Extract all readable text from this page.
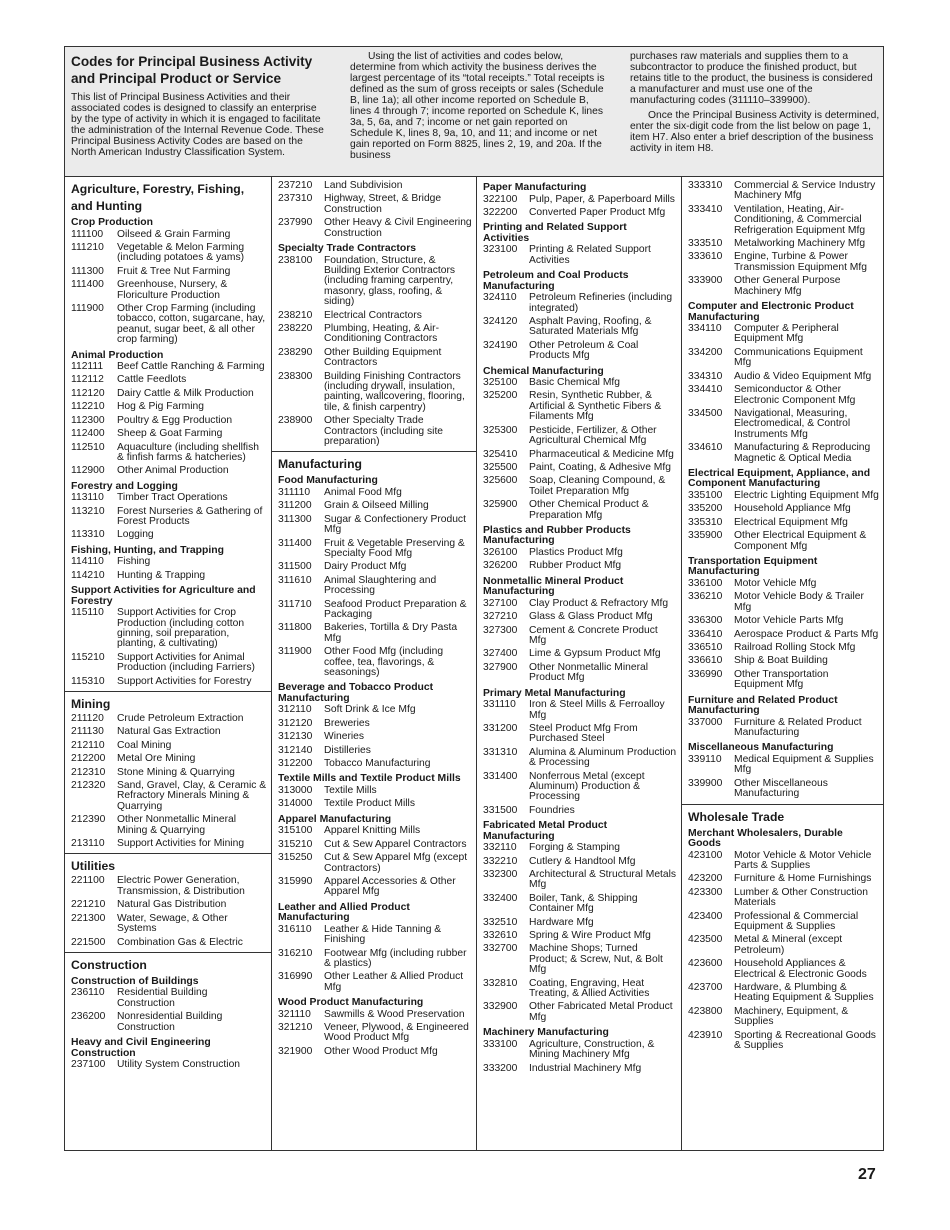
Codes for Principal Business Activity and Principal Product or Service

This list of Principal Business Activities and their associated codes is designed to classify an enterprise by the type of activity in which it is engaged to facilitate the administration of the Internal Revenue Code. These Principal Business Activity Codes are based on the North American Industry Classification System.

Using the list of activities and codes below, determine from which activity the business derives the largest percentage of its “total receipts.” Total receipts is defined as the sum of gross receipts or sales (Schedule B, line 1a); all other income reported on Schedule B, lines 4 through 7; income reported on Schedule K, lines 3a, 5, 6a, and 7; income or net gain reported on Schedule K, lines 8, 9a, 10, and 11; and income or net gain reported on Form 8825, lines 2, 19, and 20a. If the business

purchases raw materials and supplies them to a subcontractor to produce the finished product, but retains title to the product, the business is considered a manufacturer and must use one of the manufacturing codes (311110–339900).

Once the Principal Business Activity is determined, enter the six-digit code from the list below on page 1, item H7. Also enter a brief description of the business activity in item H8.

Agriculture, Forestry, Fishing, and Hunting
Crop Production
111100	Oilseed & Grain Farming
111210	Vegetable & Melon Farming (including potatoes & yams)
111300	Fruit & Tree Nut Farming
111400	Greenhouse, Nursery, & Floriculture Production
111900	Other Crop Farming (including tobacco, cotton, sugarcane, hay, peanut, sugar beet, & all other crop farming)
Animal Production
112111	Beef Cattle Ranching & Farming
112112	Cattle Feedlots
112120	Dairy Cattle & Milk Production
112210	Hog & Pig Farming
112300	Poultry & Egg Production
112400	Sheep & Goat Farming
112510	Aquaculture (including shellfish & finfish farms & hatcheries)
112900	Other Animal Production
Forestry and Logging
113110	Timber Tract Operations
113210	Forest Nurseries & Gathering of Forest Products
113310	Logging
Fishing, Hunting, and Trapping
114110	Fishing
114210	Hunting & Trapping
Support Activities for Agriculture and Forestry
115110	Support Activities for Crop Production (including cotton ginning, soil preparation, planting, & cultivating)
115210	Support Activities for Animal Production (including Farriers)
115310	Support Activities for Forestry
Mining
211120	Crude Petroleum Extraction
211130	Natural Gas Extraction
212110	Coal Mining
212200	Metal Ore Mining
212310	Stone Mining & Quarrying
212320	Sand, Gravel, Clay, & Ceramic & Refractory Minerals Mining & Quarrying
212390	Other Nonmetallic Mineral Mining & Quarrying
213110	Support Activities for Mining
Utilities
221100	Electric Power Generation, Transmission, & Distribution
221210	Natural Gas Distribution
221300	Water, Sewage, & Other Systems
221500	Combination Gas & Electric
Construction
Construction of Buildings
236110	Residential Building Construction
236200	Nonresidential Building Construction
Heavy and Civil Engineering Construction
237100	Utility System Construction
237210	Land Subdivision
237310	Highway, Street, & Bridge Construction
237990	Other Heavy & Civil Engineering Construction
Specialty Trade Contractors
238100	Foundation, Structure, & Building Exterior Contractors (including framing carpentry, masonry, glass, roofing, & siding)
238210	Electrical Contractors
238220	Plumbing, Heating, & Air-Conditioning Contractors
238290	Other Building Equipment Contractors
238300	Building Finishing Contractors (including drywall, insulation, painting, wallcovering, flooring, tile, & finish carpentry)
238900	Other Specialty Trade Contractors (including site preparation)
Manufacturing
Food Manufacturing
311110	Animal Food Mfg
311200	Grain & Oilseed Milling
311300	Sugar & Confectionery Product Mfg
311400	Fruit & Vegetable Preserving & Specialty Food Mfg
311500	Dairy Product Mfg
311610	Animal Slaughtering and Processing
311710	Seafood Product Preparation & Packaging
311800	Bakeries, Tortilla & Dry Pasta Mfg
311900	Other Food Mfg (including coffee, tea, flavorings, & seasonings)
Beverage and Tobacco Product Manufacturing
312110	Soft Drink & Ice Mfg
312120	Breweries
312130	Wineries
312140	Distilleries
312200	Tobacco Manufacturing
Textile Mills and Textile Product Mills
313000	Textile Mills
314000	Textile Product Mills
Apparel Manufacturing
315100	Apparel Knitting Mills
315210	Cut & Sew Apparel Contractors
315250	Cut & Sew Apparel Mfg (except Contractors)
315990	Apparel Accessories & Other Apparel Mfg
Leather and Allied Product Manufacturing
316110	Leather & Hide Tanning & Finishing
316210	Footwear Mfg (including rubber & plastics)
316990	Other Leather & Allied Product Mfg
Wood Product Manufacturing
321110	Sawmills & Wood Preservation
321210	Veneer, Plywood, & Engineered Wood Product Mfg
321900	Other Wood Product Mfg
Paper Manufacturing
322100	Pulp, Paper, & Paperboard Mills
322200	Converted Paper Product Mfg
Printing and Related Support Activities
323100	Printing & Related Support Activities
Petroleum and Coal Products Manufacturing
324110	Petroleum Refineries (including integrated)
324120	Asphalt Paving, Roofing, & Saturated Materials Mfg
324190	Other Petroleum & Coal Products Mfg
Chemical Manufacturing
325100	Basic Chemical Mfg
325200	Resin, Synthetic Rubber, & Artificial & Synthetic Fibers & Filaments Mfg
325300	Pesticide, Fertilizer, & Other Agricultural Chemical Mfg
325410	Pharmaceutical & Medicine Mfg
325500	Paint, Coating, & Adhesive Mfg
325600	Soap, Cleaning Compound, & Toilet Preparation Mfg
325900	Other Chemical Product & Preparation Mfg
Plastics and Rubber Products Manufacturing
326100	Plastics Product Mfg
326200	Rubber Product Mfg
Nonmetallic Mineral Product Manufacturing
327100	Clay Product & Refractory Mfg
327210	Glass & Glass Product Mfg
327300	Cement & Concrete Product Mfg
327400	Lime & Gypsum Product Mfg
327900	Other Nonmetallic Mineral Product Mfg
Primary Metal Manufacturing
331110	Iron & Steel Mills & Ferroalloy Mfg
331200	Steel Product Mfg From Purchased Steel
331310	Alumina & Aluminum Production & Processing
331400	Nonferrous Metal (except Aluminum) Production & Processing
331500	Foundries
Fabricated Metal Product Manufacturing
332110	Forging & Stamping
332210	Cutlery & Handtool Mfg
332300	Architectural & Structural Metals Mfg
332400	Boiler, Tank, & Shipping Container Mfg
332510	Hardware Mfg
332610	Spring & Wire Product Mfg
332700	Machine Shops; Turned Product; & Screw, Nut, & Bolt Mfg
332810	Coating, Engraving, Heat Treating, & Allied Activities
332900	Other Fabricated Metal Product Mfg
Machinery Manufacturing
333100	Agriculture, Construction, & Mining Machinery Mfg
333200	Industrial Machinery Mfg
333310	Commercial & Service Industry Machinery Mfg
333410	Ventilation, Heating, Air-Conditioning, & Commercial Refrigeration Equipment Mfg
333510	Metalworking Machinery Mfg
333610	Engine, Turbine & Power Transmission Equipment Mfg
333900	Other General Purpose Machinery Mfg
Computer and Electronic Product Manufacturing
334110	Computer & Peripheral Equipment Mfg
334200	Communications Equipment Mfg
334310	Audio & Video Equipment Mfg
334410	Semiconductor & Other Electronic Component Mfg
334500	Navigational, Measuring, Electromedical, & Control Instruments Mfg
334610	Manufacturing & Reproducing Magnetic & Optical Media
Electrical Equipment, Appliance, and Component Manufacturing
335100	Electric Lighting Equipment Mfg
335200	Household Appliance Mfg
335310	Electrical Equipment Mfg
335900	Other Electrical Equipment & Component Mfg
Transportation Equipment Manufacturing
336100	Motor Vehicle Mfg
336210	Motor Vehicle Body & Trailer Mfg
336300	Motor Vehicle Parts Mfg
336410	Aerospace Product & Parts Mfg
336510	Railroad Rolling Stock Mfg
336610	Ship & Boat Building
336990	Other Transportation Equipment Mfg
Furniture and Related Product Manufacturing
337000	Furniture & Related Product Manufacturing
Miscellaneous Manufacturing
339110	Medical Equipment & Supplies Mfg
339900	Other Miscellaneous Manufacturing
Wholesale Trade
Merchant Wholesalers, Durable Goods
423100	Motor Vehicle & Motor Vehicle Parts & Supplies
423200	Furniture & Home Furnishings
423300	Lumber & Other Construction Materials
423400	Professional & Commercial Equipment & Supplies
423500	Metal & Mineral (except Petroleum)
423600	Household Appliances & Electrical & Electronic Goods
423700	Hardware, & Plumbing & Heating Equipment & Supplies
423800	Machinery, Equipment, & Supplies
423910	Sporting & Recreational Goods & Supplies
27
